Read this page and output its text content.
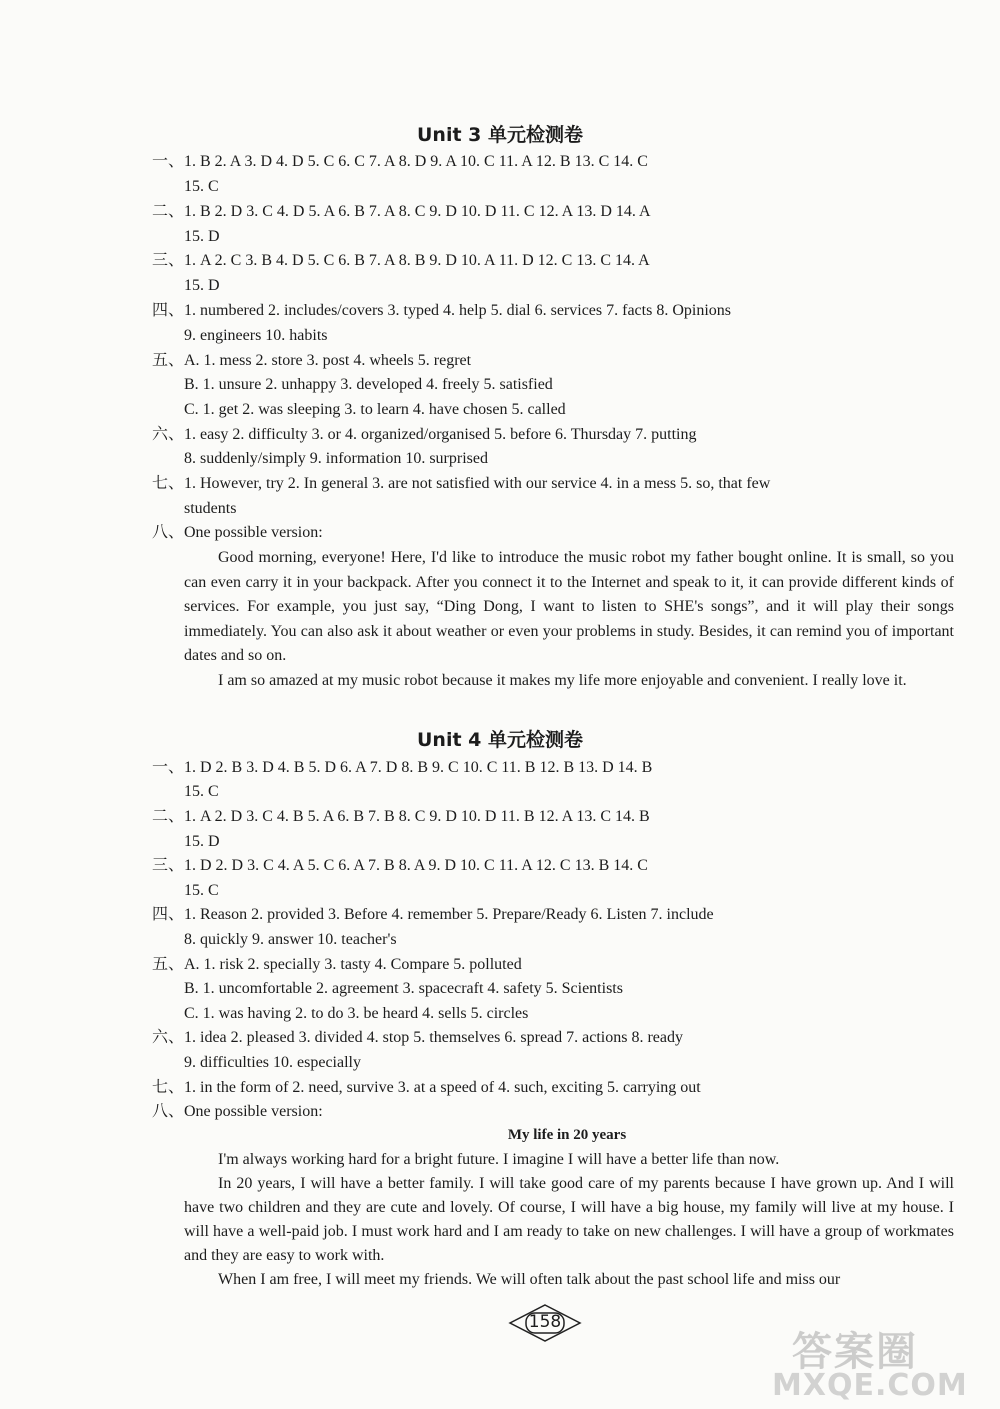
Unit 3 单元检测卷
一、1. B 2. A 3. D 4. D 5. C 6. C 7. A 8. D 9. A 10. C 11. A 12. B 13. C 14. C
15. C
二、1. B 2. D 3. C 4. D 5. A 6. B 7. A 8. C 9. D 10. D 11. C 12. A 13. D 14. A
15. D
三、1. A 2. C 3. B 4. D 5. C 6. B 7. A 8. B 9. D 10. A 11. D 12. C 13. C 14. A
15. D
四、1. numbered 2. includes/covers 3. typed 4. help 5. dial 6. services 7. facts 8. Opinions
9. engineers 10. habits
五、A. 1. mess 2. store 3. post 4. wheels 5. regret
B. 1. unsure 2. unhappy 3. developed 4. freely 5. satisfied
C. 1. get 2. was sleeping 3. to learn 4. have chosen 5. called
六、1. easy 2. difficulty 3. or 4. organized/organised 5. before 6. Thursday 7. putting
8. suddenly/simply 9. information 10. surprised
七、1. However, try 2. In general 3. are not satisfied with our service 4. in a mess 5. so, that few
students
八、One possible version:

Good morning, everyone! Here, I'd like to introduce the music robot my father bought online. It is small, so you can even carry it in your backpack. After you connect it to the Internet and speak to it, it can provide different kinds of services. For example, you just say, “Ding Dong, I want to listen to SHE's songs”, and it will play their songs immediately. You can also ask it about weather or even your problems in study. Besides, it can remind you of important dates and so on.

I am so amazed at my music robot because it makes my life more enjoyable and convenient. I really love it.

Unit 4 单元检测卷
一、1. D 2. B 3. D 4. B 5. D 6. A 7. D 8. B 9. C 10. C 11. B 12. B 13. D 14. B
15. C
二、1. A 2. D 3. C 4. B 5. A 6. B 7. B 8. C 9. D 10. D 11. B 12. A 13. C 14. B
15. D
三、1. D 2. D 3. C 4. A 5. C 6. A 7. B 8. A 9. D 10. C 11. A 12. C 13. B 14. C
15. C
四、1. Reason 2. provided 3. Before 4. remember 5. Prepare/Ready 6. Listen 7. include
8. quickly 9. answer 10. teacher's
五、A. 1. risk 2. specially 3. tasty 4. Compare 5. polluted
B. 1. uncomfortable 2. agreement 3. spacecraft 4. safety 5. Scientists
C. 1. was having 2. to do 3. be heard 4. sells 5. circles
六、1. idea 2. pleased 3. divided 4. stop 5. themselves 6. spread 7. actions 8. ready
9. difficulties 10. especially
七、1. in the form of 2. need, survive 3. at a speed of 4. such, exciting 5. carrying out
八、One possible version:
My life in 20 years

I'm always working hard for a bright future. I imagine I will have a better life than now.

In 20 years, I will have a better family. I will take good care of my parents because I have grown up. And I will have two children and they are cute and lovely. Of course, I will have a big house, my family will live at my house. I will have a well-paid job. I must work hard and I am ready to take on new challenges. I will have a group of workmates and they are easy to work with.

When I am free, I will meet my friends. We will often talk about the past school life and miss our

158
答案圈
MXQE.COM
